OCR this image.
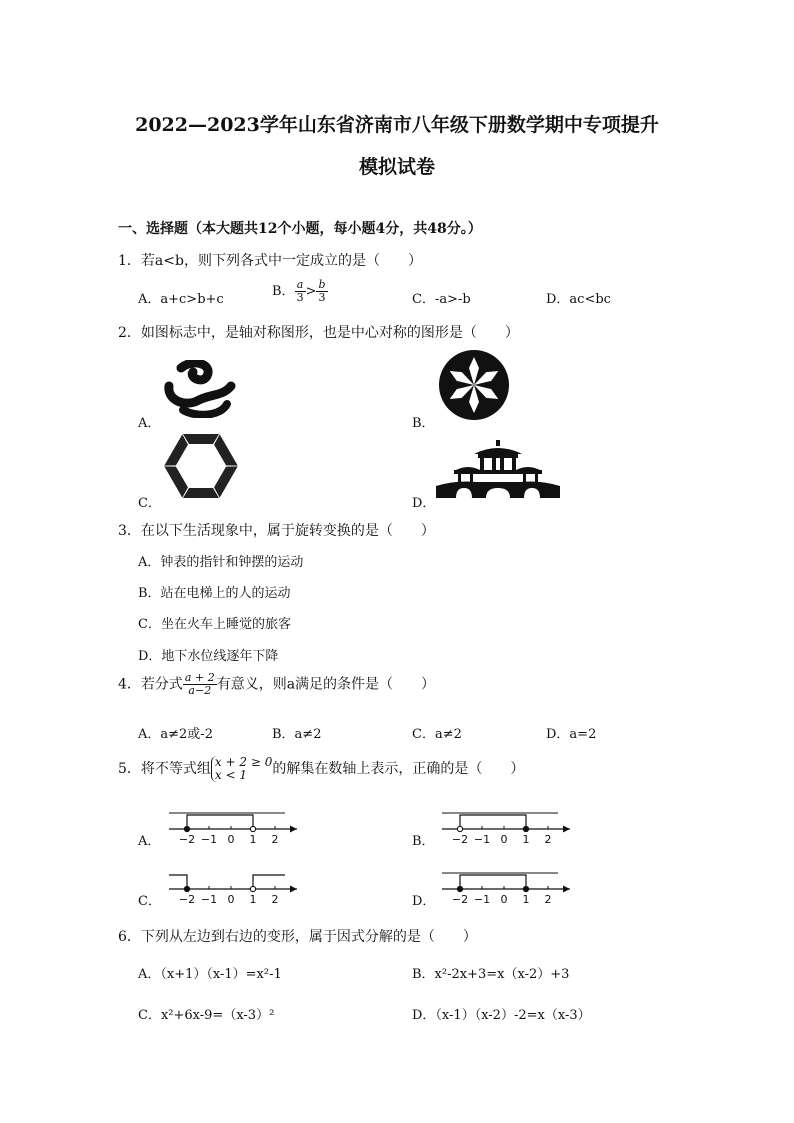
2022—2023学年山东省济南市八年级下册数学期中专项提升
模拟试卷
一、选择题（本大题共12个小题，每小题4分，共48分。）
1．若a<b，则下列各式中一定成立的是（　　）
A．a+c>b+c
B． $\frac{a}{3} > \frac{b}{3}$	C．-a>-b	D．ac<bc
2．如图标志中，是轴对称图形，也是中心对称的图形是（　　）
A．	B．
C．	D．
3．在以下生活现象中，属于旋转变换的是（　　）
A．钟表的指针和钟摆的运动
B．站在电梯上的人的运动
C．坐在火车上睡觉的旅客
D．地下水位线逐年下降
4．若分式 $\frac{a + 2}{a-2}$ 有意义，则a满足的条件是（　　）
A．a≠2或-2	B．a≠2	C．a≠2	D．a=2
5．将不等式组 x + 2 ≥ 0
x < 1	的解集在数轴上表示，正确的是（　　）
A．	B．
C．	D．
−2 −1 0 1 2	−2 −1 0 1 2
−2 −1 0 1 2	−2 −1 0 1 2
6．下列从左边到右边的变形，属于因式分解的是（　　）
A．（x+1）（x-1）=x²-1	B．x²-2x+3=x（x-2）+3
C．x²+6x-9=（x-3）²	D．（x-1）（x-2）-2=x（x-3）
